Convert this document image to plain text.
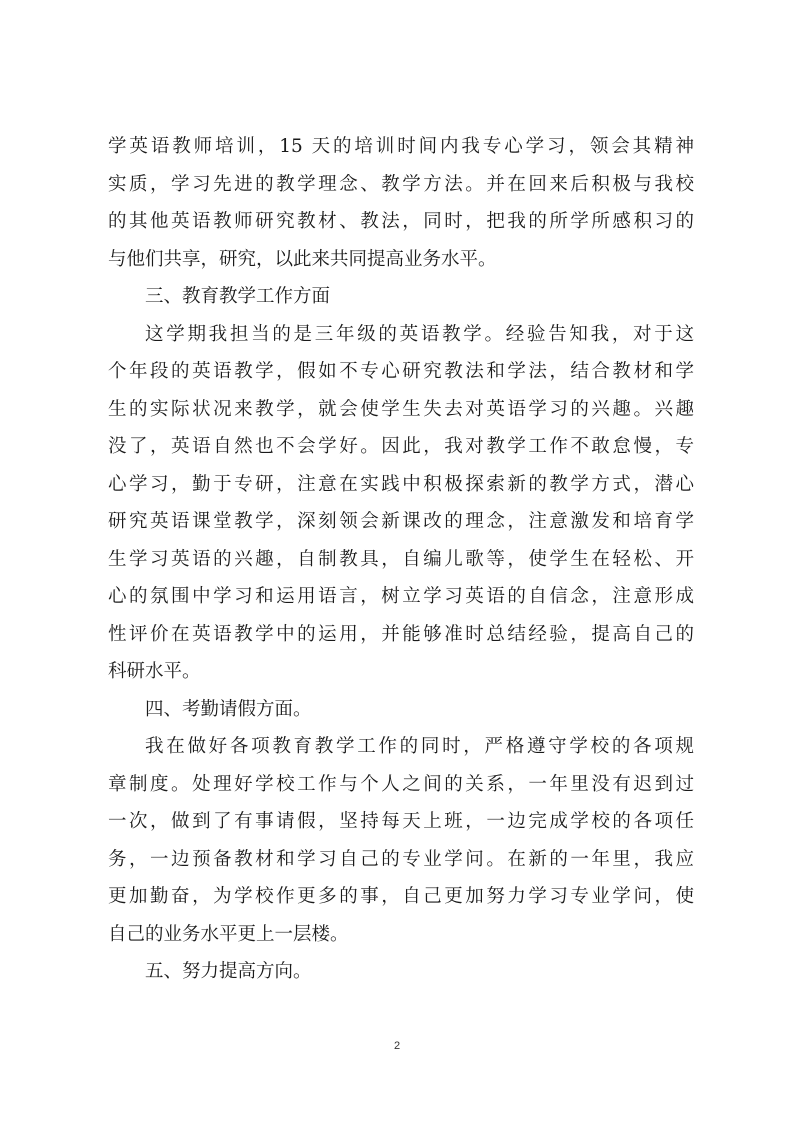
学英语教师培训，15 天的培训时间内我专心学习，领会其精神
实质，学习先进的教学理念、教学方法。并在回来后积极与我校
的其他英语教师研究教材、教法，同时，把我的所学所感积习的
与他们共享，研究，以此来共同提高业务水平。
三、教育教学工作方面
这学期我担当的是三年级的英语教学。经验告知我，对于这
个年段的英语教学，假如不专心研究教法和学法，结合教材和学
生的实际状况来教学，就会使学生失去对英语学习的兴趣。兴趣
没了，英语自然也不会学好。因此，我对教学工作不敢怠慢，专
心学习，勤于专研，注意在实践中积极探索新的教学方式，潜心
研究英语课堂教学，深刻领会新课改的理念，注意激发和培育学
生学习英语的兴趣，自制教具，自编儿歌等，使学生在轻松、开
心的氛围中学习和运用语言，树立学习英语的自信念，注意形成
性评价在英语教学中的运用，并能够准时总结经验，提高自己的
科研水平。
四、考勤请假方面。
我在做好各项教育教学工作的同时，严格遵守学校的各项规
章制度。处理好学校工作与个人之间的关系，一年里没有迟到过
一次，做到了有事请假，坚持每天上班，一边完成学校的各项任
务，一边预备教材和学习自己的专业学问。在新的一年里，我应
更加勤奋，为学校作更多的事，自己更加努力学习专业学问，使
自己的业务水平更上一层楼。
五、努力提高方向。
2
